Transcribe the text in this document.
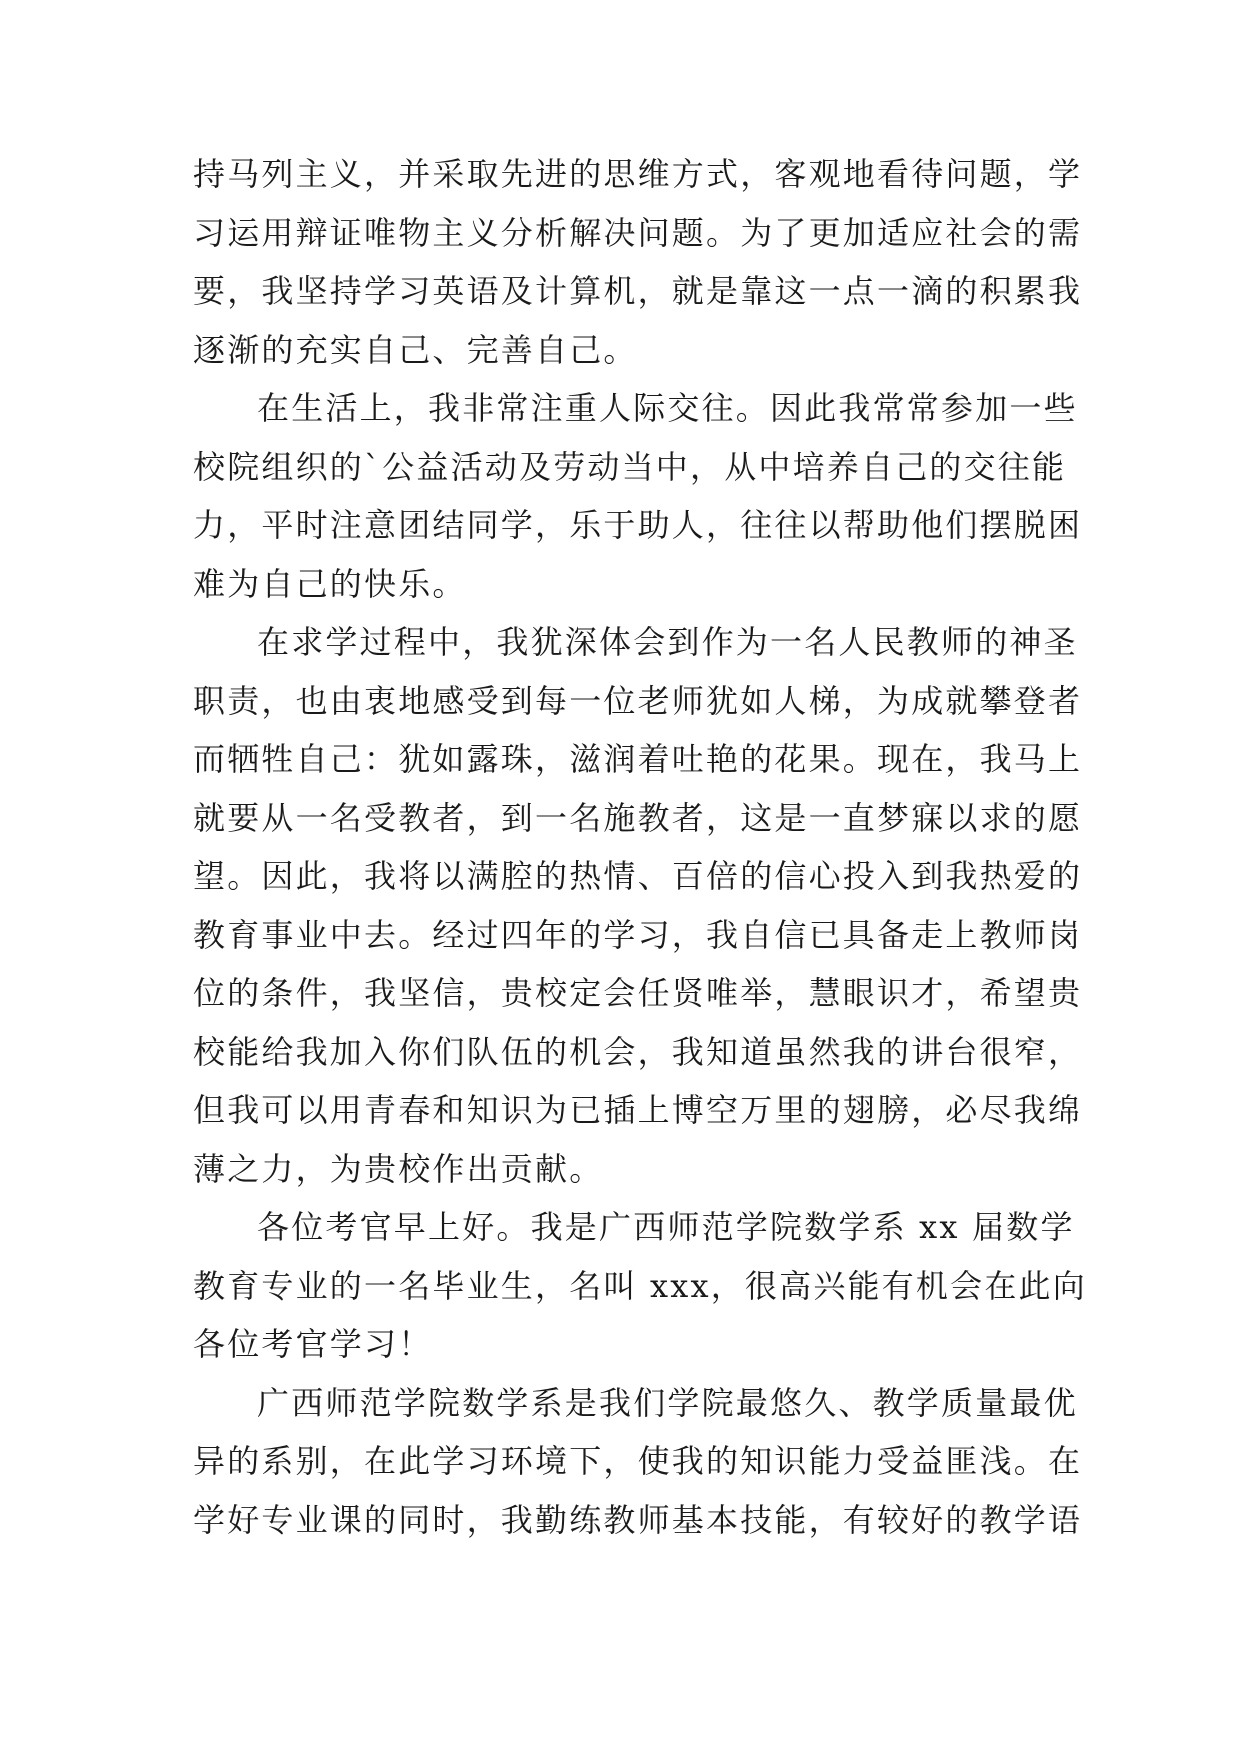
持马列主义，并采取先进的思维方式，客观地看待问题，学
习运用辩证唯物主义分析解决问题。为了更加适应社会的需
要，我坚持学习英语及计算机，就是靠这一点一滴的积累我
逐渐的充实自己、完善自己。
在生活上，我非常注重人际交往。因此我常常参加一些
校院组织的`公益活动及劳动当中，从中培养自己的交往能
力，平时注意团结同学，乐于助人，往往以帮助他们摆脱困
难为自己的快乐。
在求学过程中，我犹深体会到作为一名人民教师的神圣
职责，也由衷地感受到每一位老师犹如人梯，为成就攀登者
而牺牲自己：犹如露珠，滋润着吐艳的花果。现在，我马上
就要从一名受教者，到一名施教者，这是一直梦寐以求的愿
望。因此，我将以满腔的热情、百倍的信心投入到我热爱的
教育事业中去。经过四年的学习，我自信已具备走上教师岗
位的条件，我坚信，贵校定会任贤唯举，慧眼识才，希望贵
校能给我加入你们队伍的机会，我知道虽然我的讲台很窄，
但我可以用青春和知识为已插上博空万里的翅膀，必尽我绵
薄之力，为贵校作出贡献。
各位考官早上好。我是广西师范学院数学系 xx 届数学
教育专业的一名毕业生，名叫 xxx，很高兴能有机会在此向
各位考官学习！
广西师范学院数学系是我们学院最悠久、教学质量最优
异的系别，在此学习环境下，使我的知识能力受益匪浅。在
学好专业课的同时，我勤练教师基本技能，有较好的教学语
